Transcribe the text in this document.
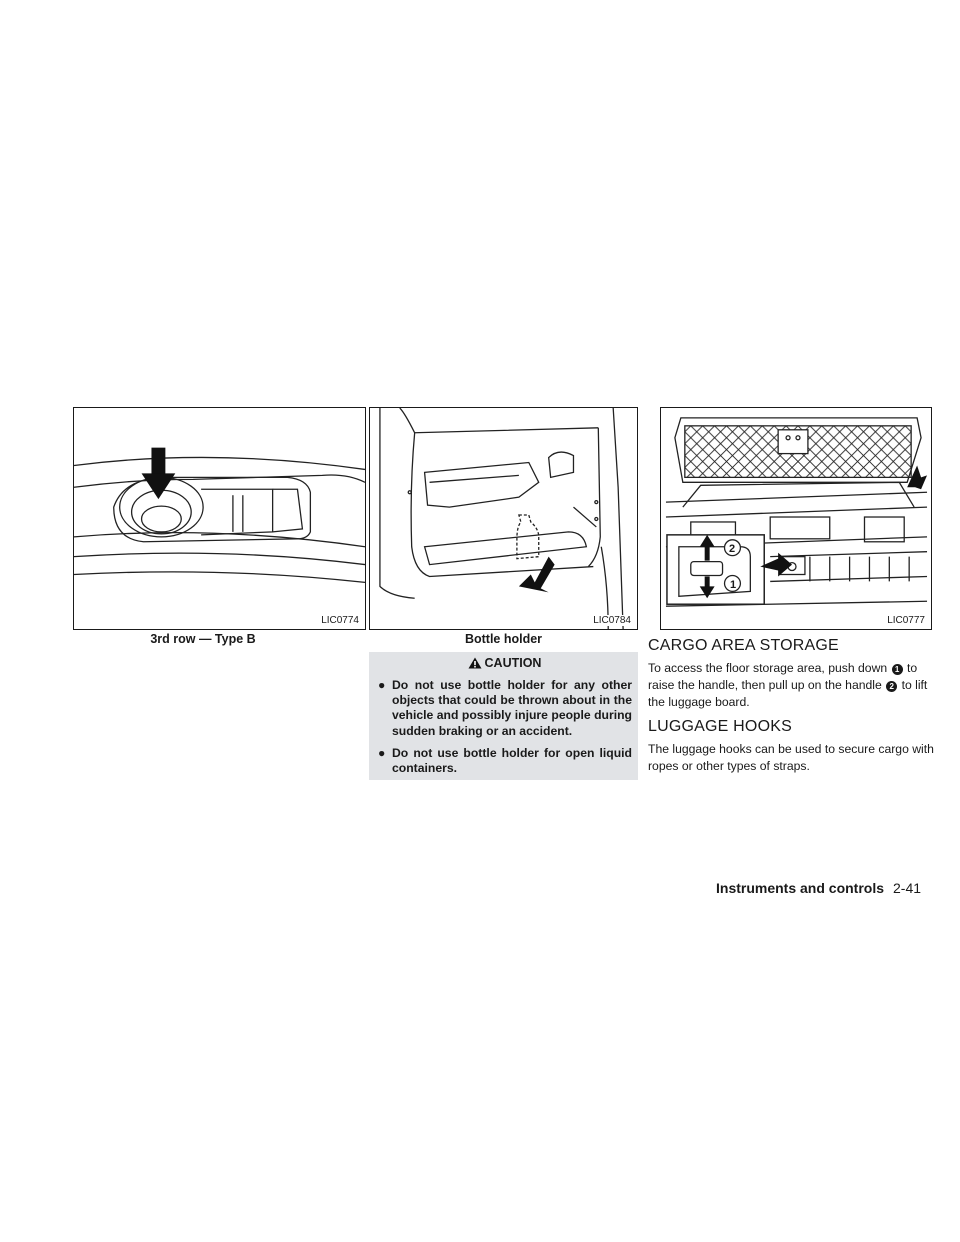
LIC0774
3rd row — Type B
LIC0784
Bottle holder
CAUTION
● Do not use bottle holder for any other objects that could be thrown about in the vehicle and possibly injure people during sudden braking or an accident.
● Do not use bottle holder for open liquid containers.
2
1
LIC0777
CARGO AREA STORAGE

To access the floor storage area, push down 1 to raise the handle, then pull up on the handle 2 to lift the luggage board.

LUGGAGE HOOKS

The luggage hooks can be used to secure cargo with ropes or other types of straps.

Instruments and controls 2-41
